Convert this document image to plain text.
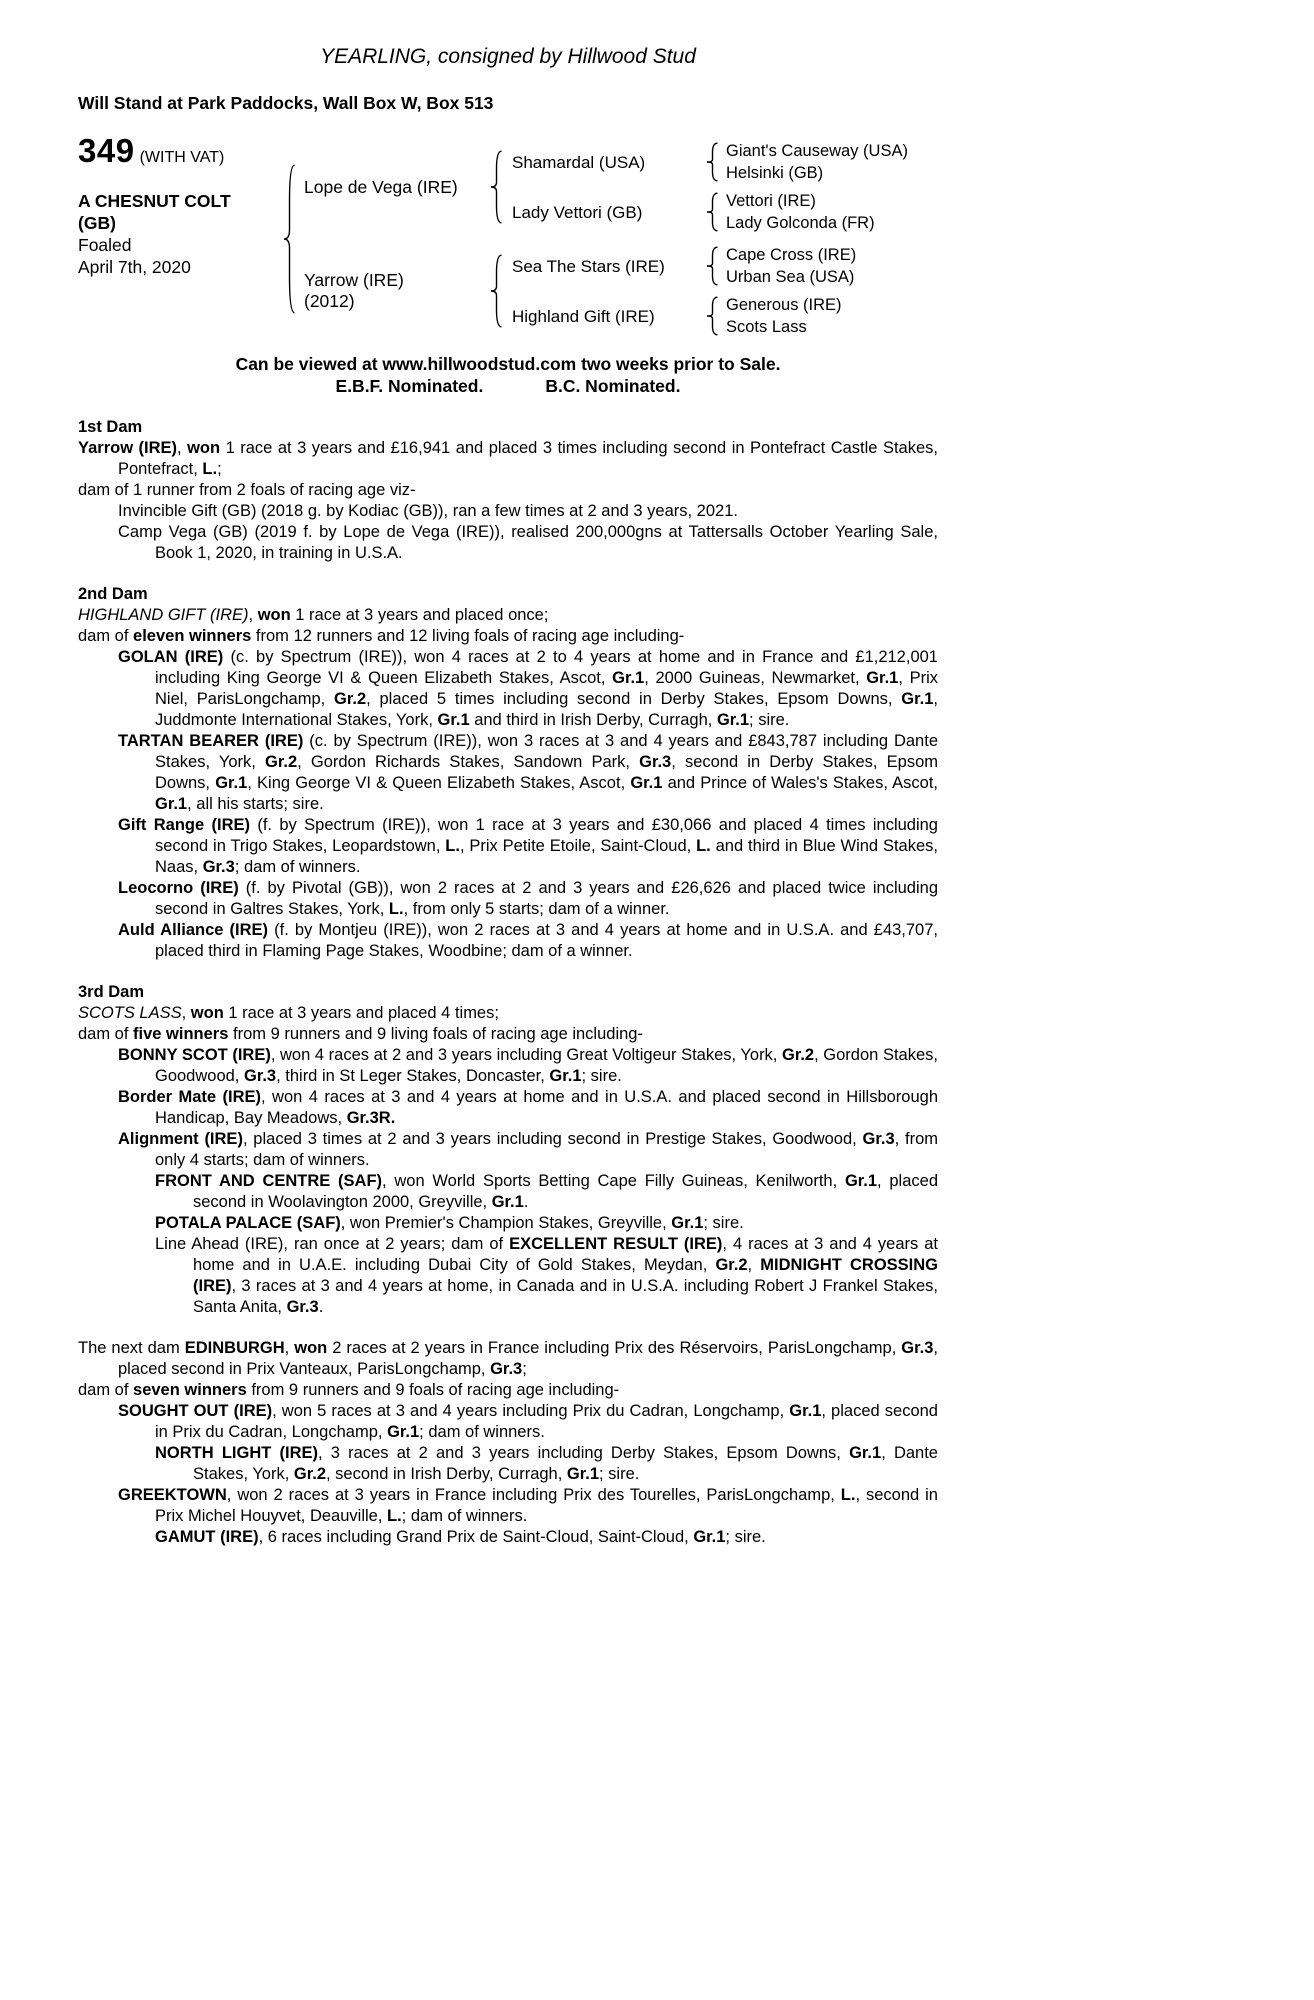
YEARLING, consigned by Hillwood Stud
Will Stand at Park Paddocks, Wall Box W, Box 513
349 (WITH VAT)
A CHESNUT COLT
(GB)
Foaled
April 7th, 2020
Lope de Vega (IRE)
Shamardal (USA)
Giant's Causeway (USA)
Helsinki (GB)
Lady Vettori (GB)
Vettori (IRE)
Lady Golconda (FR)
Yarrow (IRE)
(2012)
Sea The Stars (IRE)
Cape Cross (IRE)
Urban Sea (USA)
Highland Gift (IRE)
Generous (IRE)
Scots Lass
Can be viewed at www.hillwoodstud.com two weeks prior to Sale.
E.B.F. Nominated.	B.C. Nominated.
1st Dam

Yarrow (IRE), won 1 race at 3 years and £16,941 and placed 3 times including second in Pontefract Castle Stakes, Pontefract, L.;

dam of 1 runner from 2 foals of racing age viz-

Invincible Gift (GB) (2018 g. by Kodiac (GB)), ran a few times at 2 and 3 years, 2021.

Camp Vega (GB) (2019 f. by Lope de Vega (IRE)), realised 200,000gns at Tattersalls October Yearling Sale, Book 1, 2020, in training in U.S.A.

2nd Dam

HIGHLAND GIFT (IRE), won 1 race at 3 years and placed once;

dam of eleven winners from 12 runners and 12 living foals of racing age including-

GOLAN (IRE) (c. by Spectrum (IRE)), won 4 races at 2 to 4 years at home and in France and £1,212,001 including King George VI & Queen Elizabeth Stakes, Ascot, Gr.1, 2000 Guineas, Newmarket, Gr.1, Prix Niel, ParisLongchamp, Gr.2, placed 5 times including second in Derby Stakes, Epsom Downs, Gr.1, Juddmonte International Stakes, York, Gr.1 and third in Irish Derby, Curragh, Gr.1; sire.

TARTAN BEARER (IRE) (c. by Spectrum (IRE)), won 3 races at 3 and 4 years and £843,787 including Dante Stakes, York, Gr.2, Gordon Richards Stakes, Sandown Park, Gr.3, second in Derby Stakes, Epsom Downs, Gr.1, King George VI & Queen Elizabeth Stakes, Ascot, Gr.1 and Prince of Wales's Stakes, Ascot, Gr.1, all his starts; sire.

Gift Range (IRE) (f. by Spectrum (IRE)), won 1 race at 3 years and £30,066 and placed 4 times including second in Trigo Stakes, Leopardstown, L., Prix Petite Etoile, Saint-Cloud, L. and third in Blue Wind Stakes, Naas, Gr.3; dam of winners.

Leocorno (IRE) (f. by Pivotal (GB)), won 2 races at 2 and 3 years and £26,626 and placed twice including second in Galtres Stakes, York, L., from only 5 starts; dam of a winner.

Auld Alliance (IRE) (f. by Montjeu (IRE)), won 2 races at 3 and 4 years at home and in U.S.A. and £43,707, placed third in Flaming Page Stakes, Woodbine; dam of a winner.

3rd Dam

SCOTS LASS, won 1 race at 3 years and placed 4 times;

dam of five winners from 9 runners and 9 living foals of racing age including-

BONNY SCOT (IRE), won 4 races at 2 and 3 years including Great Voltigeur Stakes, York, Gr.2, Gordon Stakes, Goodwood, Gr.3, third in St Leger Stakes, Doncaster, Gr.1; sire.

Border Mate (IRE), won 4 races at 3 and 4 years at home and in U.S.A. and placed second in Hillsborough Handicap, Bay Meadows, Gr.3R.

Alignment (IRE), placed 3 times at 2 and 3 years including second in Prestige Stakes, Goodwood, Gr.3, from only 4 starts; dam of winners.

FRONT AND CENTRE (SAF), won World Sports Betting Cape Filly Guineas, Kenilworth, Gr.1, placed second in Woolavington 2000, Greyville, Gr.1.

POTALA PALACE (SAF), won Premier's Champion Stakes, Greyville, Gr.1; sire.

Line Ahead (IRE), ran once at 2 years; dam of EXCELLENT RESULT (IRE), 4 races at 3 and 4 years at home and in U.A.E. including Dubai City of Gold Stakes, Meydan, Gr.2, MIDNIGHT CROSSING (IRE), 3 races at 3 and 4 years at home, in Canada and in U.S.A. including Robert J Frankel Stakes, Santa Anita, Gr.3.

The next dam EDINBURGH, won 2 races at 2 years in France including Prix des Réservoirs, ParisLongchamp, Gr.3, placed second in Prix Vanteaux, ParisLongchamp, Gr.3;

dam of seven winners from 9 runners and 9 foals of racing age including-

SOUGHT OUT (IRE), won 5 races at 3 and 4 years including Prix du Cadran, Longchamp, Gr.1, placed second in Prix du Cadran, Longchamp, Gr.1; dam of winners.

NORTH LIGHT (IRE), 3 races at 2 and 3 years including Derby Stakes, Epsom Downs, Gr.1, Dante Stakes, York, Gr.2, second in Irish Derby, Curragh, Gr.1; sire.

GREEKTOWN, won 2 races at 3 years in France including Prix des Tourelles, ParisLongchamp, L., second in Prix Michel Houyvet, Deauville, L.; dam of winners.

GAMUT (IRE), 6 races including Grand Prix de Saint-Cloud, Saint-Cloud, Gr.1; sire.
